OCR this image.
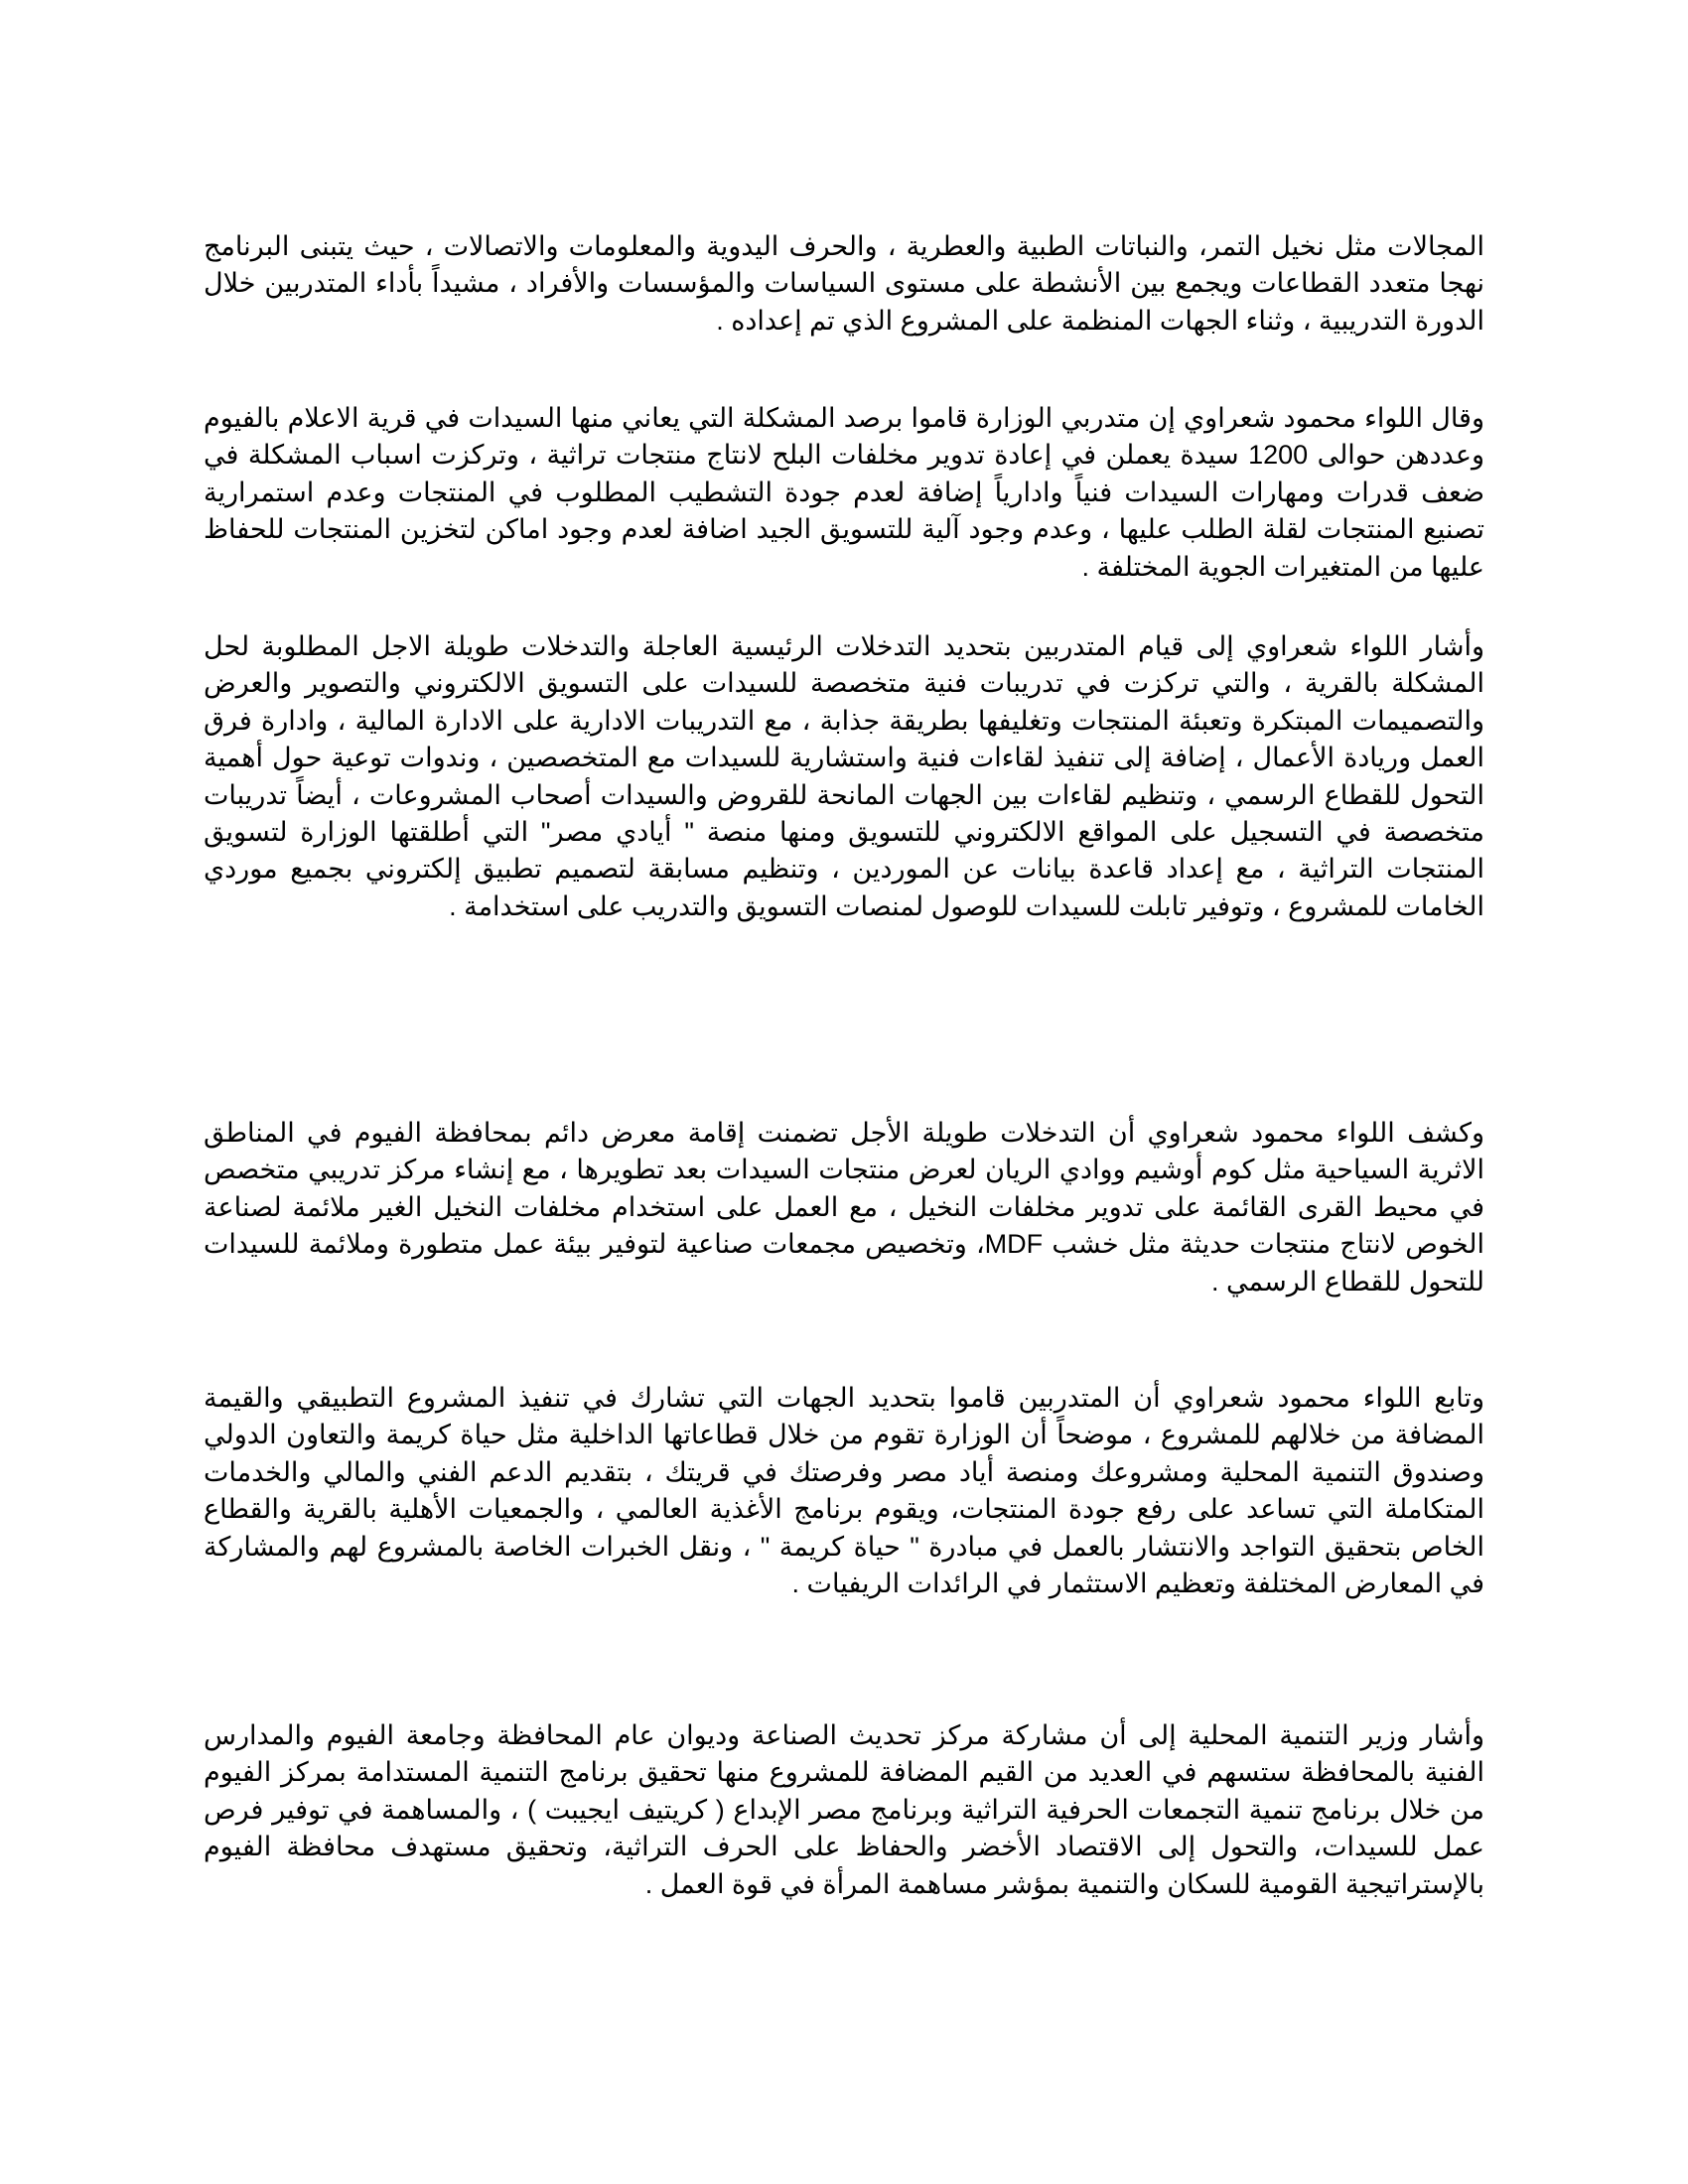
المجالات مثل نخيل التمر، والنباتات الطبية والعطرية ، والحرف اليدوية والمعلومات والاتصالات ، حيث يتبنى البرنامج نهجا متعدد القطاعات ويجمع بين الأنشطة على مستوى السياسات والمؤسسات والأفراد ، مشيداً بأداء المتدربين خلال الدورة التدريبية ، وثناء الجهات المنظمة على المشروع الذي تم إعداده .

وقال اللواء محمود شعراوي إن متدربي الوزارة قاموا برصد المشكلة التي يعاني منها السيدات في قرية الاعلام بالفيوم وعددهن حوالى 1200 سيدة يعملن في إعادة تدوير مخلفات البلح لانتاج منتجات تراثية ، وتركزت اسباب المشكلة في ضعف قدرات ومهارات السيدات فنياً وادارياً إضافة لعدم جودة التشطيب المطلوب في المنتجات وعدم استمرارية تصنيع المنتجات لقلة الطلب عليها ، وعدم وجود آلية للتسويق الجيد اضافة لعدم وجود اماكن لتخزين المنتجات للحفاظ عليها من المتغيرات الجوية المختلفة .

وأشار اللواء شعراوي إلى قيام المتدربين بتحديد التدخلات الرئيسية العاجلة والتدخلات طويلة الاجل المطلوبة لحل المشكلة بالقرية ، والتي تركزت في تدريبات فنية متخصصة للسيدات على التسويق الالكتروني والتصوير والعرض والتصميمات المبتكرة وتعبئة المنتجات وتغليفها بطريقة جذابة ، مع التدريبات الادارية على الادارة المالية ، وادارة فرق العمل وريادة الأعمال ، إضافة إلى تنفيذ لقاءات فنية واستشارية للسيدات مع المتخصصين ، وندوات توعية حول أهمية التحول للقطاع الرسمي ، وتنظيم لقاءات بين الجهات المانحة للقروض والسيدات أصحاب المشروعات ، أيضاً تدريبات متخصصة في التسجيل على المواقع الالكتروني للتسويق ومنها منصة " أيادي مصر" التي أطلقتها الوزارة لتسويق المنتجات التراثية ، مع إعداد قاعدة بيانات عن الموردين ، وتنظيم مسابقة لتصميم تطبيق إلكتروني بجميع موردي الخامات للمشروع ، وتوفير تابلت للسيدات للوصول لمنصات التسويق والتدريب على استخدامة .

وكشف اللواء محمود شعراوي أن التدخلات طويلة الأجل تضمنت إقامة معرض دائم بمحافظة الفيوم في المناطق الاثرية السياحية مثل كوم أوشيم ووادي الريان لعرض منتجات السيدات بعد تطويرها ، مع إنشاء مركز تدريبي متخصص في محيط القرى القائمة على تدوير مخلفات النخيل ، مع العمل على استخدام مخلفات النخيل الغير ملائمة لصناعة الخوص لانتاج منتجات حديثة مثل خشب MDF، وتخصيص مجمعات صناعية لتوفير بيئة عمل متطورة وملائمة للسيدات للتحول للقطاع الرسمي .

وتابع اللواء محمود شعراوي أن المتدربين قاموا بتحديد الجهات التي تشارك في تنفيذ المشروع التطبيقي والقيمة المضافة من خلالهم للمشروع ، موضحاً أن الوزارة تقوم من خلال قطاعاتها الداخلية مثل حياة كريمة والتعاون الدولي وصندوق التنمية المحلية ومشروعك ومنصة أياد مصر وفرصتك في قريتك ، بتقديم الدعم الفني والمالي والخدمات المتكاملة التي تساعد على رفع جودة المنتجات، ويقوم برنامج الأغذية العالمي ، والجمعيات الأهلية بالقرية والقطاع الخاص بتحقيق التواجد والانتشار بالعمل في مبادرة " حياة كريمة " ، ونقل الخبرات الخاصة بالمشروع لهم والمشاركة في المعارض المختلفة وتعظيم الاستثمار في الرائدات الريفيات .

وأشار وزير التنمية المحلية إلى أن مشاركة مركز تحديث الصناعة وديوان عام المحافظة وجامعة الفيوم والمدارس الفنية بالمحافظة ستسهم في العديد من القيم المضافة للمشروع منها تحقيق برنامج التنمية المستدامة بمركز الفيوم من خلال برنامج تنمية التجمعات الحرفية التراثية وبرنامج مصر الإبداع ( كريتيف ايجيبت ) ، والمساهمة في توفير فرص عمل للسيدات، والتحول إلى الاقتصاد الأخضر والحفاظ على الحرف التراثية، وتحقيق مستهدف محافظة الفيوم بالإستراتيجية القومية للسكان والتنمية بمؤشر مساهمة المرأة في قوة العمل .
